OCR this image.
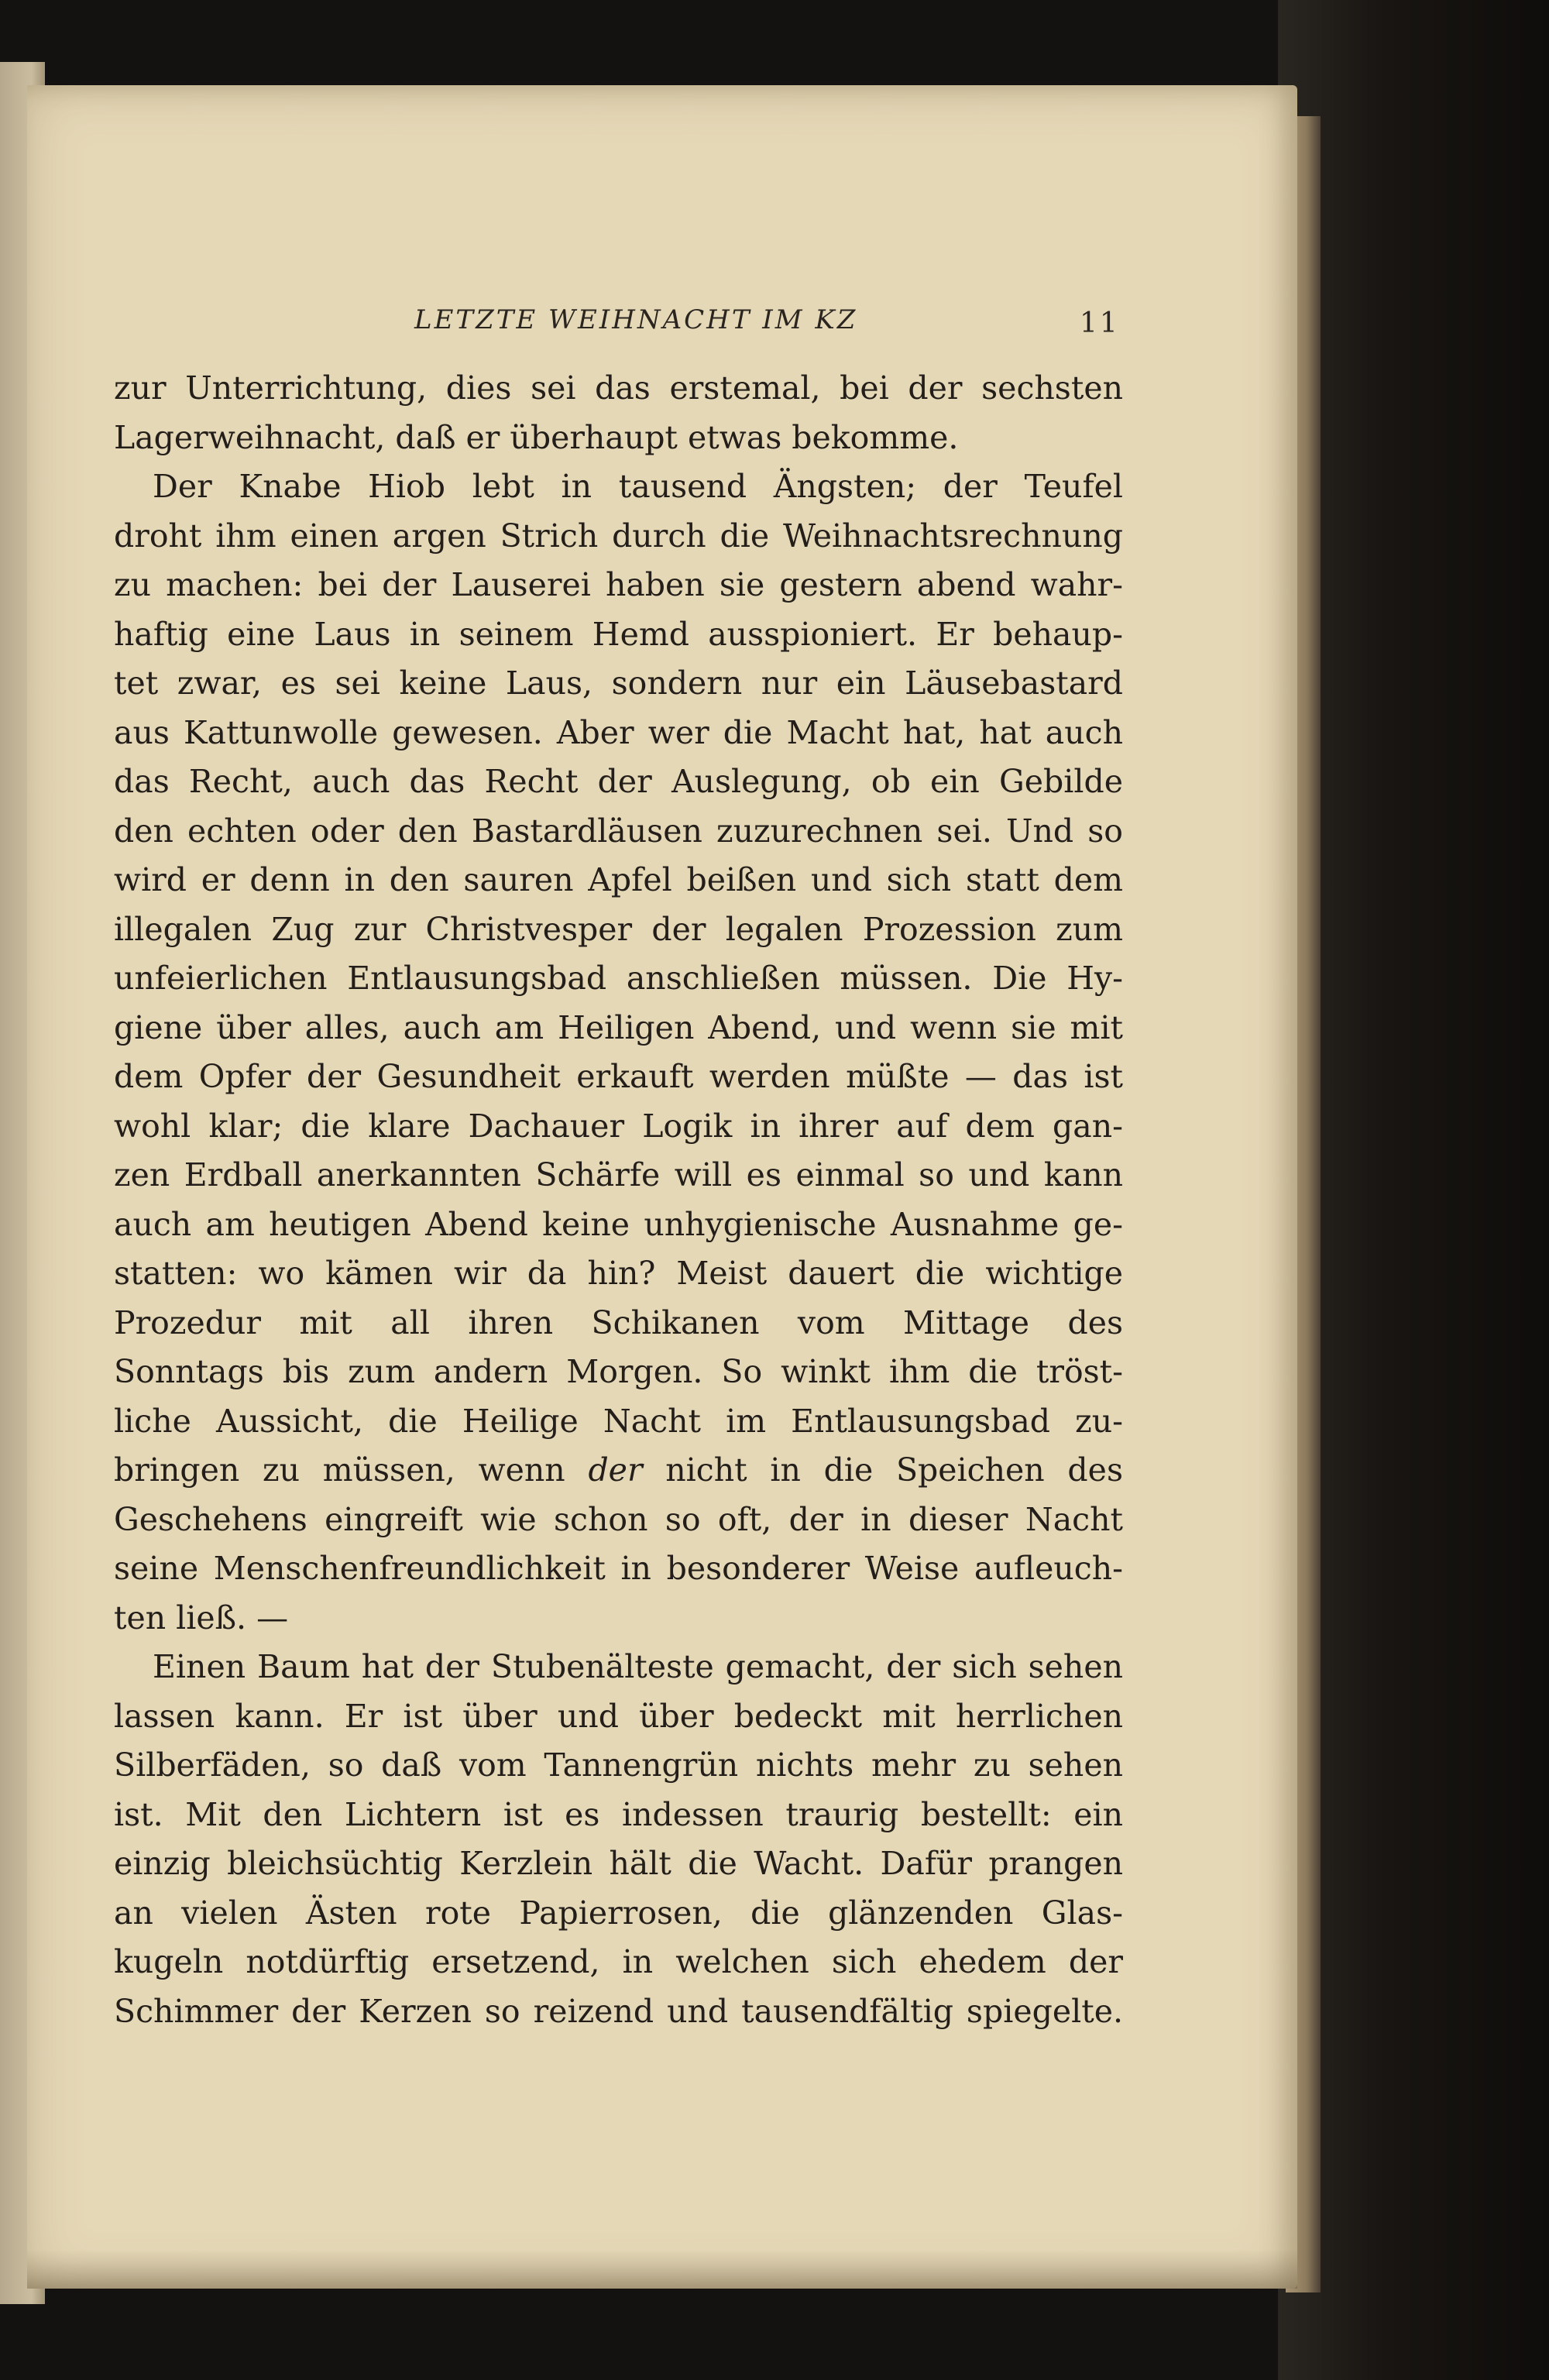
LETZTE WEIHNACHT IM KZ	11
zur Unterrichtung, dies sei das erstemal, bei der sechsten
Lagerweihnacht, daß er überhaupt etwas bekomme.
Der Knabe Hiob lebt in tausend Ängsten; der Teufel
droht ihm einen argen Strich durch die Weihnachtsrechnung
zu machen: bei der Lauserei haben sie gestern abend wahr-
haftig eine Laus in seinem Hemd ausspioniert. Er behaup-
tet zwar, es sei keine Laus, sondern nur ein Läusebastard
aus Kattunwolle gewesen. Aber wer die Macht hat, hat auch
das Recht, auch das Recht der Auslegung, ob ein Gebilde
den echten oder den Bastardläusen zuzurechnen sei. Und so
wird er denn in den sauren Apfel beißen und sich statt dem
illegalen Zug zur Christvesper der legalen Prozession zum
unfeierlichen Entlausungsbad anschließen müssen. Die Hy-
giene über alles, auch am Heiligen Abend, und wenn sie mit
dem Opfer der Gesundheit erkauft werden müßte — das ist
wohl klar; die klare Dachauer Logik in ihrer auf dem gan-
zen Erdball anerkannten Schärfe will es einmal so und kann
auch am heutigen Abend keine unhygienische Ausnahme ge-
statten: wo kämen wir da hin? Meist dauert die wichtige
Prozedur mit all ihren Schikanen vom Mittage des
Sonntags bis zum andern Morgen. So winkt ihm die tröst-
liche Aussicht, die Heilige Nacht im Entlausungsbad zu-
bringen zu müssen, wenn der nicht in die Speichen des
Geschehens eingreift wie schon so oft, der in dieser Nacht
seine Menschenfreundlichkeit in besonderer Weise aufleuch-
ten ließ. —
Einen Baum hat der Stubenälteste gemacht, der sich sehen
lassen kann. Er ist über und über bedeckt mit herrlichen
Silberfäden, so daß vom Tannengrün nichts mehr zu sehen
ist. Mit den Lichtern ist es indessen traurig bestellt: ein
einzig bleichsüchtig Kerzlein hält die Wacht. Dafür prangen
an vielen Ästen rote Papierrosen, die glänzenden Glas-
kugeln notdürftig ersetzend, in welchen sich ehedem der
Schimmer der Kerzen so reizend und tausendfältig spiegelte.
